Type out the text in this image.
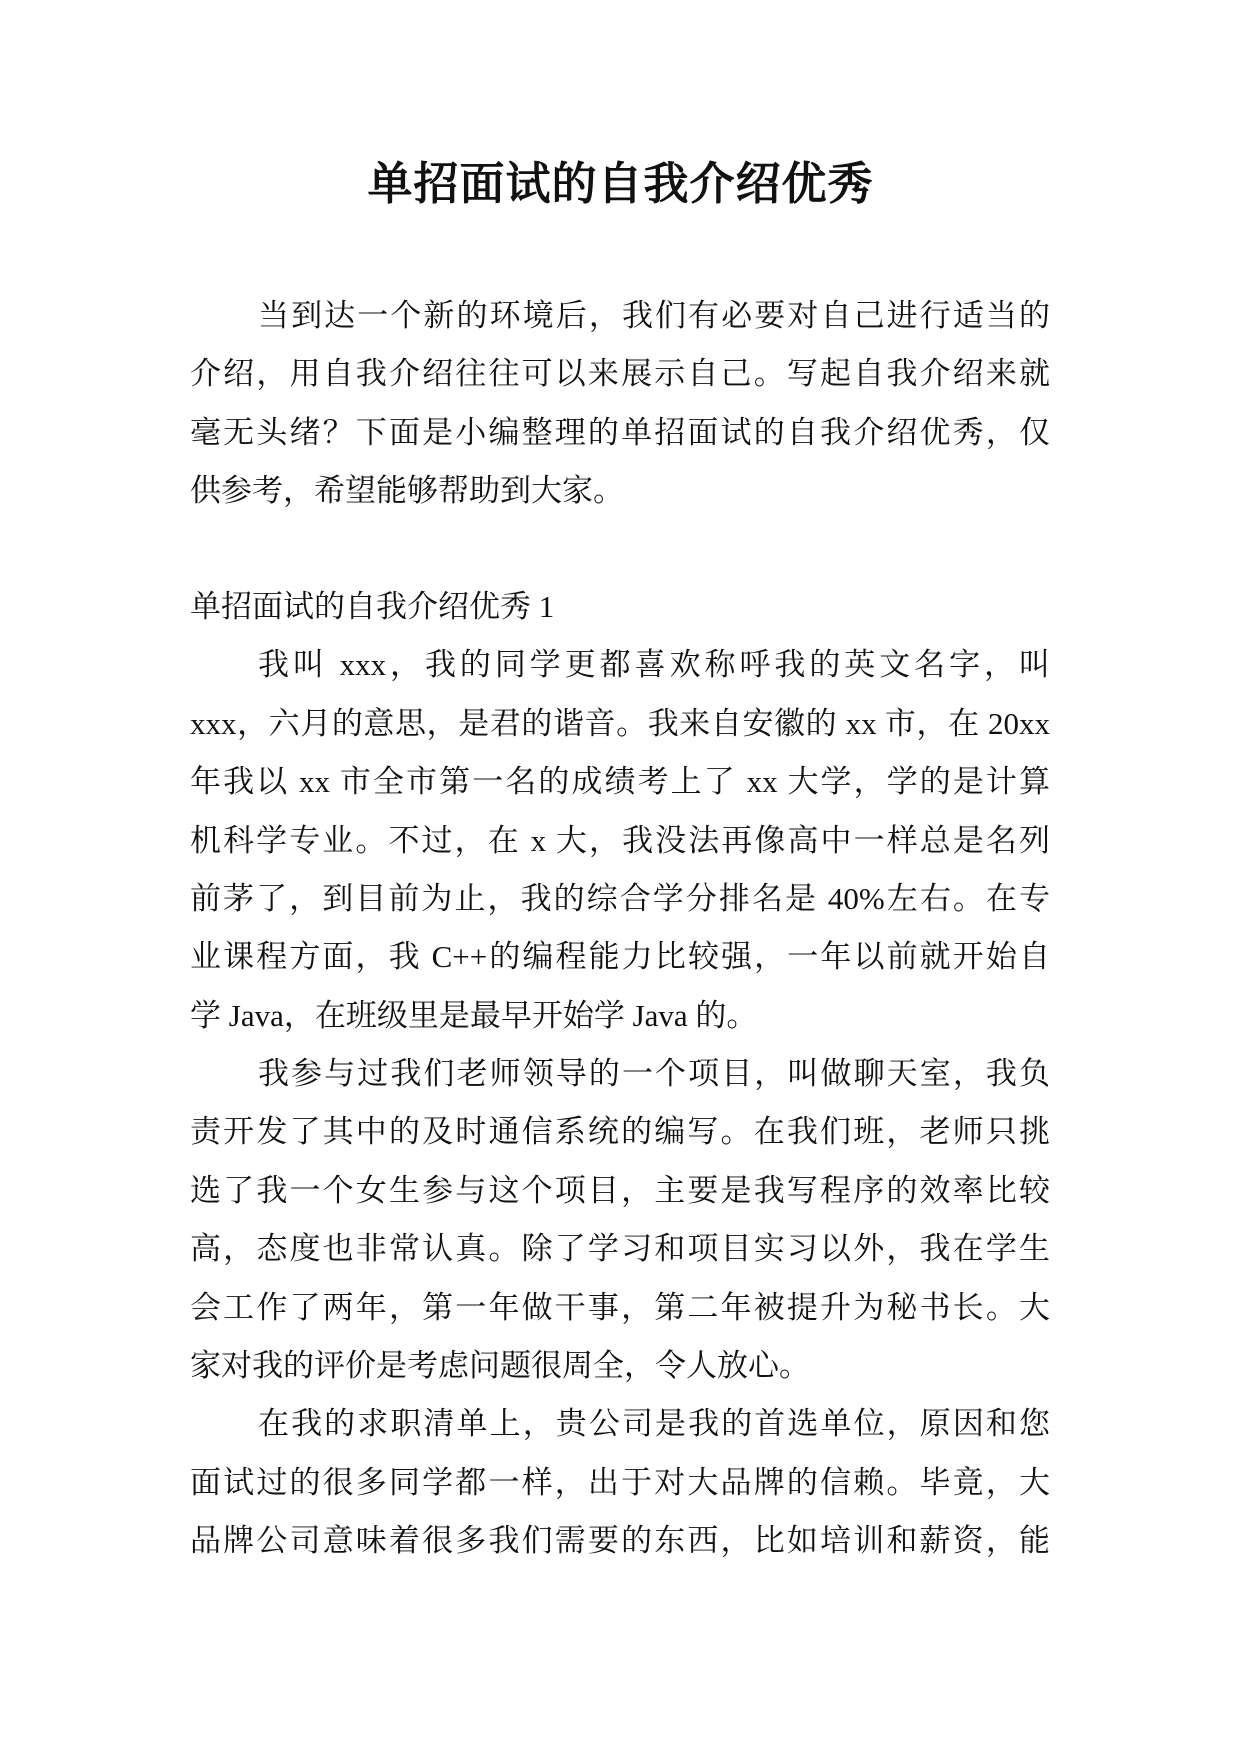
单招面试的自我介绍优秀
当到达一个新的环境后，我们有必要对自己进行适当的
介绍，用自我介绍往往可以来展示自己。写起自我介绍来就
毫无头绪？下面是小编整理的单招面试的自我介绍优秀，仅
供参考，希望能够帮助到大家。
单招面试的自我介绍优秀 1
我叫 xxx，我的同学更都喜欢称呼我的英文名字，叫
xxx，六月的意思，是君的谐音。我来自安徽的 xx 市，在 20xx
年我以 xx 市全市第一名的成绩考上了 xx 大学，学的是计算
机科学专业。不过，在 x 大，我没法再像高中一样总是名列
前茅了，到目前为止，我的综合学分排名是 40%左右。在专
业课程方面，我 C++的编程能力比较强，一年以前就开始自
学 Java，在班级里是最早开始学 Java 的。
我参与过我们老师领导的一个项目，叫做聊天室，我负
责开发了其中的及时通信系统的编写。在我们班，老师只挑
选了我一个女生参与这个项目，主要是我写程序的效率比较
高，态度也非常认真。除了学习和项目实习以外，我在学生
会工作了两年，第一年做干事，第二年被提升为秘书长。大
家对我的评价是考虑问题很周全，令人放心。
在我的求职清单上，贵公司是我的首选单位，原因和您
面试过的很多同学都一样，出于对大品牌的信赖。毕竟，大
品牌公司意味着很多我们需要的东西，比如培训和薪资，能
